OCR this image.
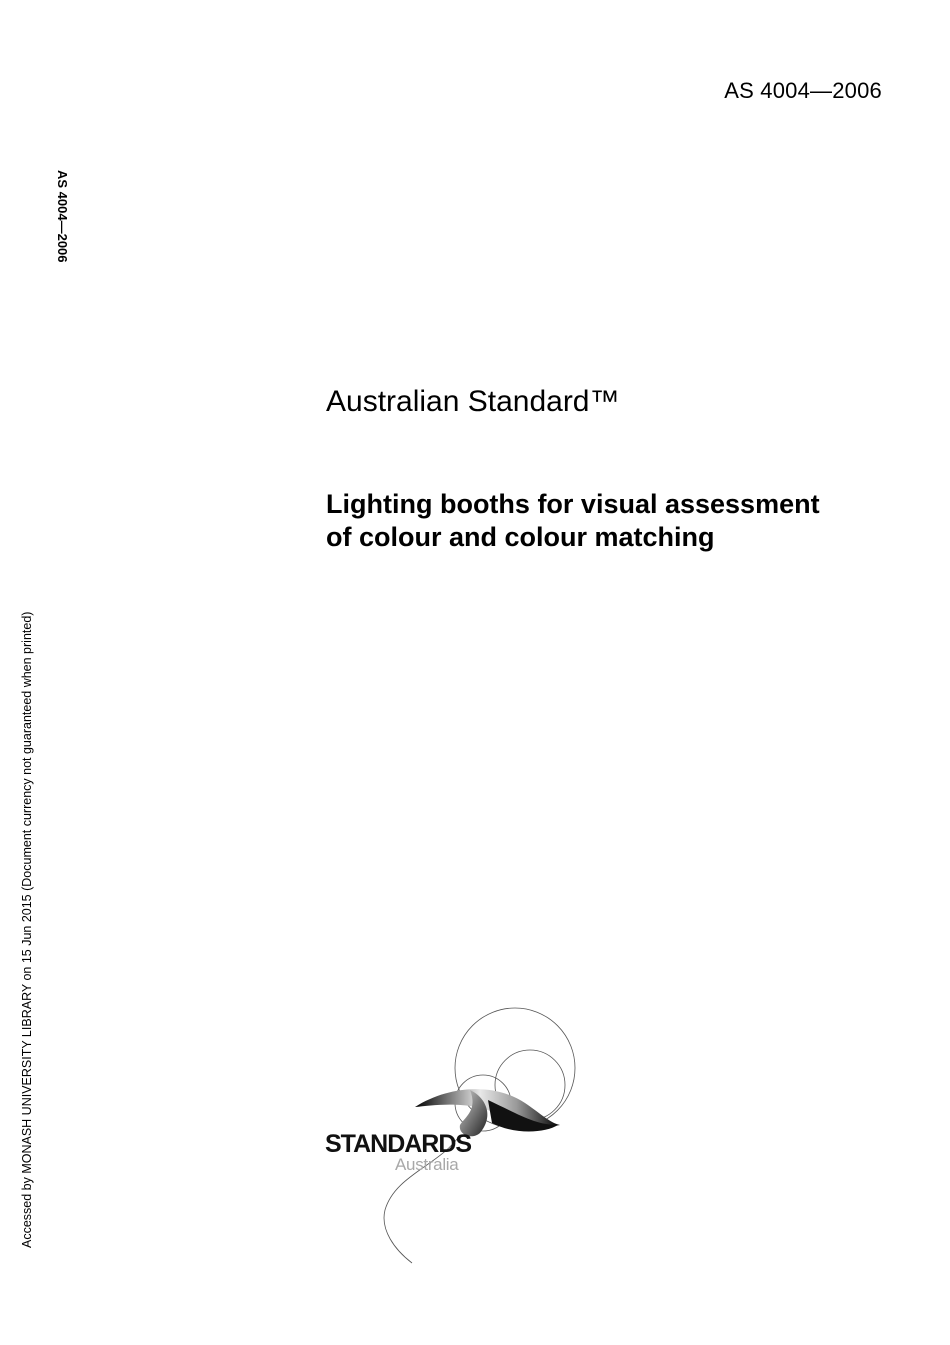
AS 4004—2006
AS 4004—2006
Accessed by MONASH UNIVERSITY LIBRARY on 15 Jun 2015 (Document currency not guaranteed when printed)
Australian Standard™
Lighting booths for visual assessment
of colour and colour matching
STANDARDS
Australia
